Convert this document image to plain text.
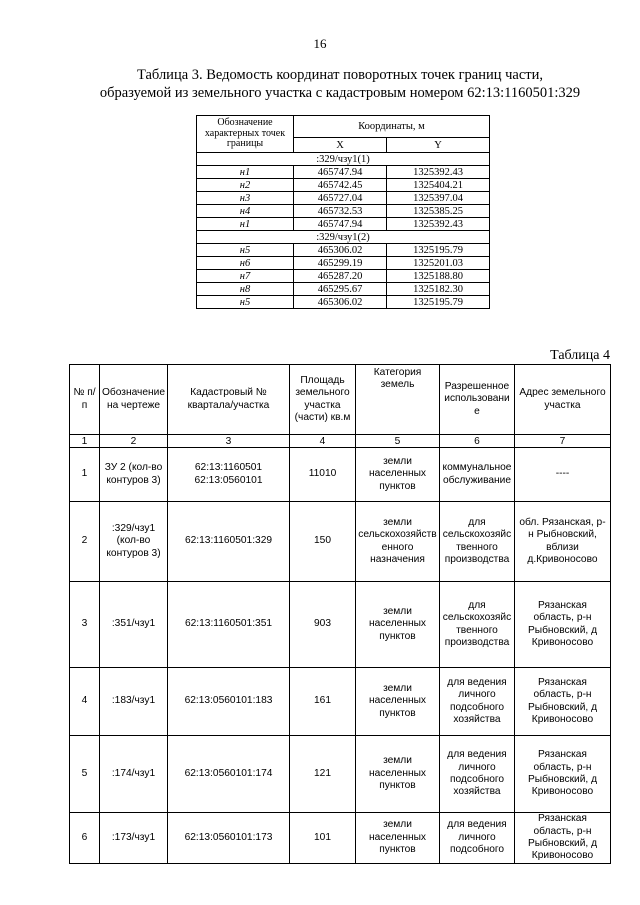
16
Таблица 3. Ведомость координат поворотных точек границ части,
образуемой из земельного участка с кадастровым номером 62:13:1160501:329
Обозначение характерных точек границы	Координаты, м	
	X	Y
:329/чзу1(1)		
н1	465747.94	1325392.43
н2	465742.45	1325404.21
н3	465727.04	1325397.04
н4	465732.53	1325385.25
н1	465747.94	1325392.43
:329/чзу1(2)		
н5	465306.02	1325195.79
н6	465299.19	1325201.03
н7	465287.20	1325188.80
н8	465295.67	1325182.30
н5	465306.02	1325195.79
Таблица 4
№ п/п	Обозначение на чертеже	Кадастровый № квартала/участка	Площадь земельного участка (части) кв.м	Категория земель	Разрешенное использование	Адрес земельного участка
1	2	3	4	5	6	7
1	ЗУ 2 (кол-во контуров 3)	62:13:1160501
62:13:0560101	11010	земли населенных пунктов	коммунальное обслуживание	----
2	:329/чзу1 (кол-во контуров 3)	62:13:1160501:329	150	земли сельскохозяйственного назначения	для сельскохозяйственного производства	обл. Рязанская, р-н Рыбновский, вблизи д.Кривоносово
3	:351/чзу1	62:13:1160501:351	903	земли населенных пунктов	для сельскохозяйственного производства	Рязанская область, р-н Рыбновский, д Кривоносово
4	:183/чзу1	62:13:0560101:183	161	земли населенных пунктов	для ведения личного подсобного хозяйства	Рязанская область, р-н Рыбновский, д Кривоносово
5	:174/чзу1	62:13:0560101:174	121	земли населенных пунктов	для ведения личного подсобного хозяйства	Рязанская область, р-н Рыбновский, д Кривоносово
6	:173/чзу1	62:13:0560101:173	101	земли населенных пунктов	для ведения личного подсобного	Рязанская область, р-н Рыбновский, д Кривоносово
